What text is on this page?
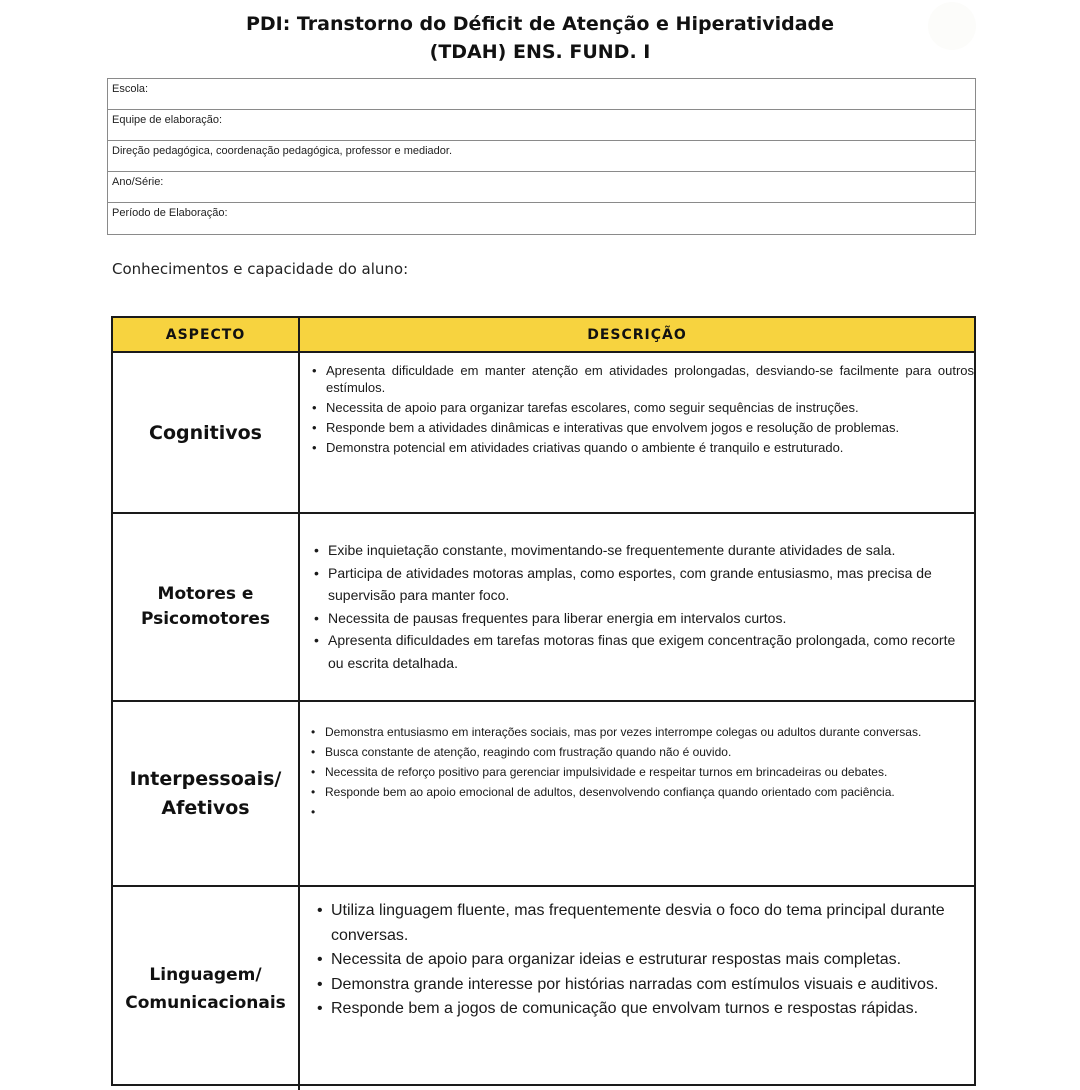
PDI: Transtorno do Déficit de Atenção e Hiperatividade
(TDAH) ENS. FUND. I
Escola:
Equipe de elaboração:
Direção pedagógica, coordenação pedagógica, professor e mediador.
Ano/Série:
Período de Elaboração:
Conhecimentos e capacidade do aluno:
ASPECTO	DESCRIÇÃO
Cognitivos
• Apresenta dificuldade em manter atenção em atividades prolongadas, desviando-se facilmente para outros estímulos.
• Necessita de apoio para organizar tarefas escolares, como seguir sequências de instruções.
• Responde bem a atividades dinâmicas e interativas que envolvem jogos e resolução de problemas.
• Demonstra potencial em atividades criativas quando o ambiente é tranquilo e estruturado.
Motores e
Psicomotores
• Exibe inquietação constante, movimentando-se frequentemente durante atividades de sala.
• Participa de atividades motoras amplas, como esportes, com grande entusiasmo, mas precisa de supervisão para manter foco.
• Necessita de pausas frequentes para liberar energia em intervalos curtos.
• Apresenta dificuldades em tarefas motoras finas que exigem concentração prolongada, como recorte ou escrita detalhada.
Interpessoais/
Afetivos
• Demonstra entusiasmo em interações sociais, mas por vezes interrompe colegas ou adultos durante conversas.
• Busca constante de atenção, reagindo com frustração quando não é ouvido.
• Necessita de reforço positivo para gerenciar impulsividade e respeitar turnos em brincadeiras ou debates.
• Responde bem ao apoio emocional de adultos, desenvolvendo confiança quando orientado com paciência.
•
Linguagem/
Comunicacionais
• Utiliza linguagem fluente, mas frequentemente desvia o foco do tema principal durante conversas.
• Necessita de apoio para organizar ideias e estruturar respostas mais completas.
• Demonstra grande interesse por histórias narradas com estímulos visuais e auditivos.
• Responde bem a jogos de comunicação que envolvam turnos e respostas rápidas.
